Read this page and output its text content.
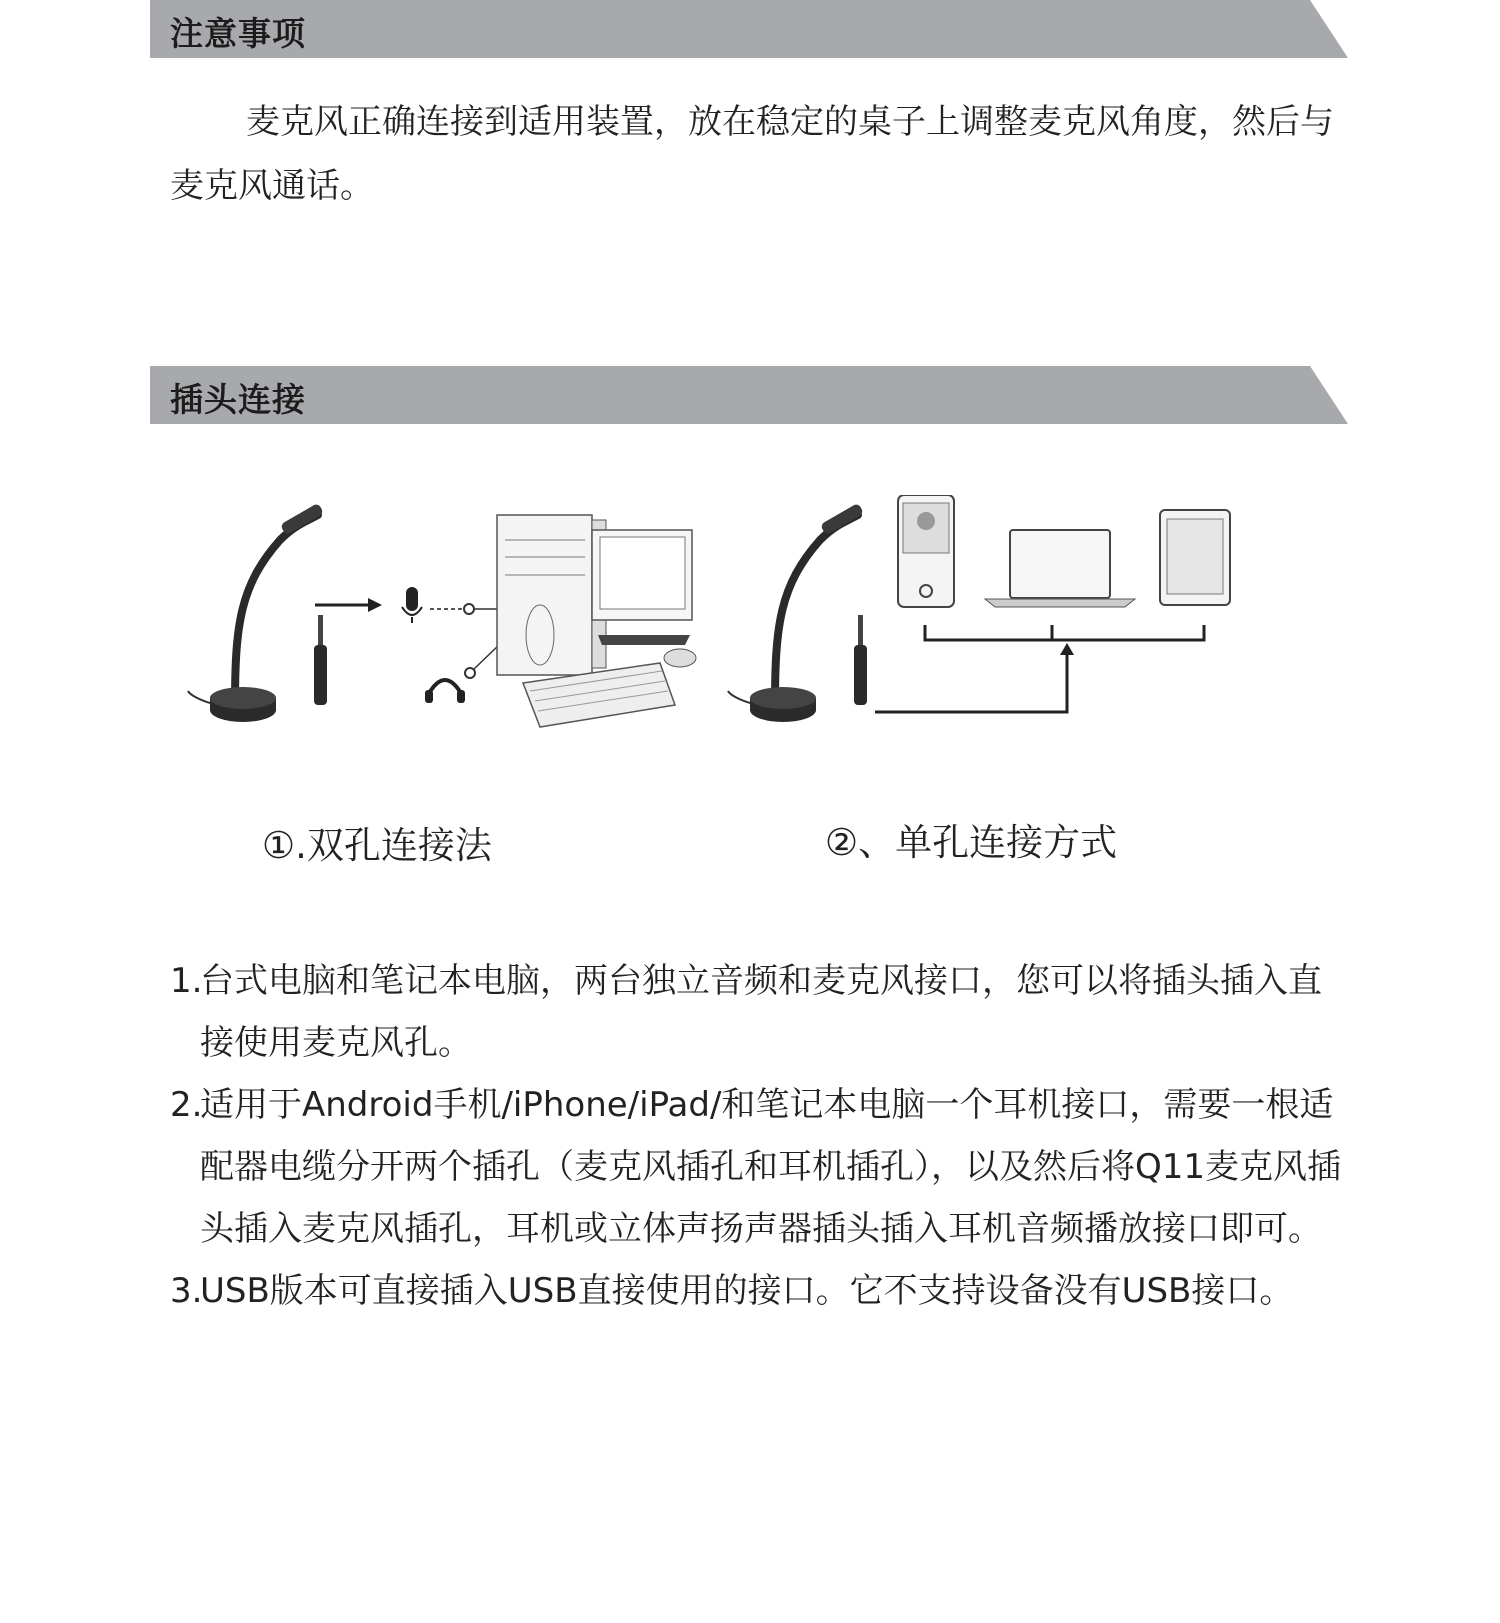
注意事项

麦克风正确连接到适用装置，放在稳定的桌子上调整麦克风角度，然后与麦克风通话。

插头连接
①.双孔连接法	②、单孔连接方式
1.
台式电脑和笔记本电脑，两台独立音频和麦克风接口，您可以将插头插入直接使用麦克风孔。
2.
适用于Android手机/iPhone/iPad/和笔记本电脑一个耳机接口，需要一根适配器电缆分开两个插孔（麦克风插孔和耳机插孔），以及然后将Q11麦克风插头插入麦克风插孔，耳机或立体声扬声器插头插入耳机音频播放接口即可。
3.
USB版本可直接插入USB直接使用的接口。它不支持设备没有USB接口。
